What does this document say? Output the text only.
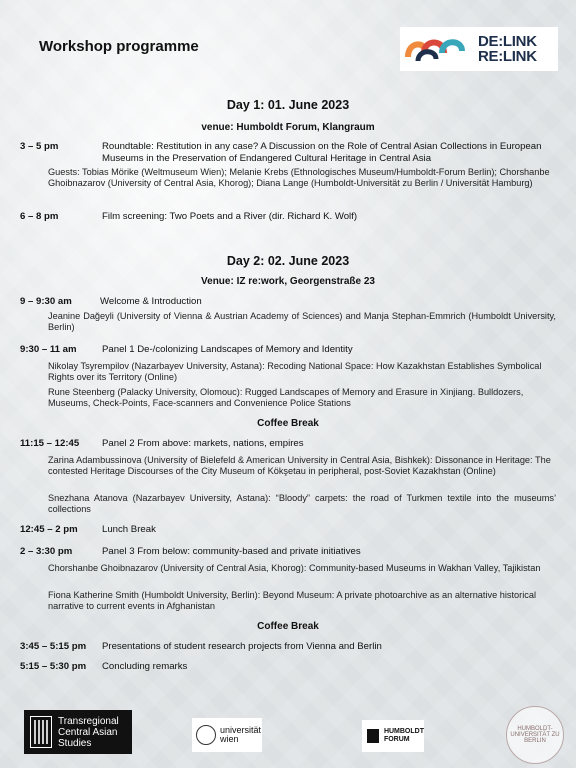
Workshop programme	DE:LINK
RE:LINK
Day 1: 01. June 2023
venue: Humboldt Forum, Klangraum
3 – 5 pm	Roundtable: Restitution in any case? A Discussion on the Role of Central Asian Collections in European Museums in the Preservation of Endangered Cultural Heritage in Central Asia
Guests: Tobias Mörike (Weltmuseum Wien); Melanie Krebs (Ethnologisches Museum/Humboldt-Forum Berlin); Chorshanbe Ghoibnazarov (University of Central Asia, Khorog); Diana Lange (Humboldt-Universität zu Berlin / Universität Hamburg)
6 – 8 pm	Film screening: Two Poets and a River (dir. Richard K. Wolf)
Day 2: 02. June 2023
Venue: IZ re:work, Georgenstraße 23
9 – 9:30 am	Welcome & Introduction
Jeanine Dağeyli (University of Vienna & Austrian Academy of Sciences) and Manja Stephan-Emmrich (Humboldt University, Berlin)
9:30 – 11 am	Panel 1 De-/colonizing Landscapes of Memory and Identity
Nikolay Tsyrempilov (Nazarbayev University, Astana): Recoding National Space: How Kazakhstan Establishes Symbolical Rights over its Territory (Online)
Rune Steenberg (Palacky University, Olomouc): Rugged Landscapes of Memory and Erasure in Xinjiang. Bulldozers, Museums, Check-Points, Face-scanners and Convenience Police Stations
Coffee Break
11:15 – 12:45 Panel 2 From above: markets, nations, empires
Zarina Adambussinova (University of Bielefeld & American University in Central Asia, Bishkek): Dissonance in Heritage: The contested Heritage Discourses of the City Museum of Kökşetau in peripheral, post-Soviet Kazakhstan (Online)
Snezhana Atanova (Nazarbayev University, Astana): “Bloody” carpets: the road of Turkmen textile into the museums’ collections
12:45 – 2 pm	Lunch Break
2 – 3:30 pm	Panel 3 From below: community-based and private initiatives
Chorshanbe Ghoibnazarov (University of Central Asia, Khorog): Community-based Museums in Wakhan Valley, Tajikistan
Fiona Katherine Smith (Humboldt University, Berlin): Beyond Museum: A private photoarchive as an alternative historical narrative to current events in Afghanistan
Coffee Break
3:45 – 5:15 pm Presentations of student research projects from Vienna and Berlin
5:15 – 5:30 pm Concluding remarks
Transregional
Central Asian
Studies
universität
wien
HUMBOLDT
FORUM
HUMBOLDT-UNIVERSITÄT ZU BERLIN
